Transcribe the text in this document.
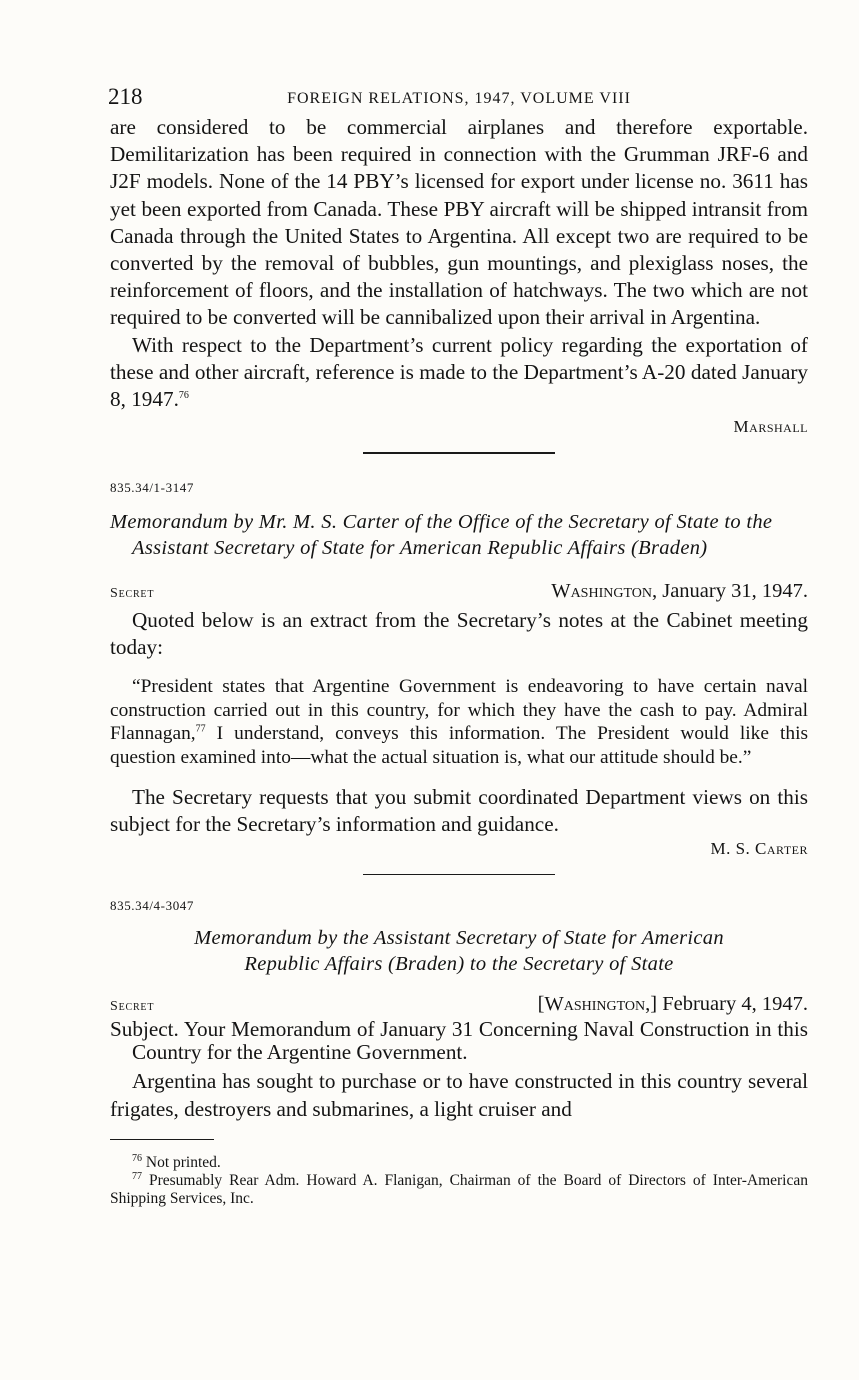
218	FOREIGN RELATIONS, 1947, VOLUME VIII

are considered to be commercial airplanes and therefore exportable. Demilitarization has been required in connection with the Grumman JRF-6 and J2F models. None of the 14 PBY’s licensed for export under license no. 3611 has yet been exported from Canada. These PBY aircraft will be shipped intransit from Canada through the United States to Argentina. All except two are required to be converted by the removal of bubbles, gun mountings, and plexiglass noses, the reinforcement of floors, and the installation of hatchways. The two which are not required to be converted will be cannibalized upon their arrival in Argentina.

With respect to the Department’s current policy regarding the exportation of these and other aircraft, reference is made to the Department’s A-20 dated January 8, 1947.76

Marshall
835.34/1-3147
Memorandum by Mr. M. S. Carter of the Office of the Secretary of State to the Assistant Secretary of State for American Republic Affairs (Braden)
Secret	Washington, January 31, 1947.

Quoted below is an extract from the Secretary’s notes at the Cabinet meeting today:

“President states that Argentine Government is endeavoring to have certain naval construction carried out in this country, for which they have the cash to pay. Admiral Flannagan,$^{77}$ I understand, conveys this information. The President would like this question examined into—what the actual situation is, what our attitude should be.”

The Secretary requests that you submit coordinated Department views on this subject for the Secretary’s information and guidance.

M. S. Carter
835.34/4-3047
Memorandum by the Assistant Secretary of State for American
Republic Affairs (Braden) to the Secretary of State
Secret	[Washington,] February 4, 1947.

Subject. Your Memorandum of January 31 Concerning Naval Construction in this Country for the Argentine Government.

Argentina has sought to purchase or to have constructed in this country several frigates, destroyers and submarines, a light cruiser and

$^{76}$ Not printed.

$^{77}$ Presumably Rear Adm. Howard A. Flanigan, Chairman of the Board of Directors of Inter-American Shipping Services, Inc.
